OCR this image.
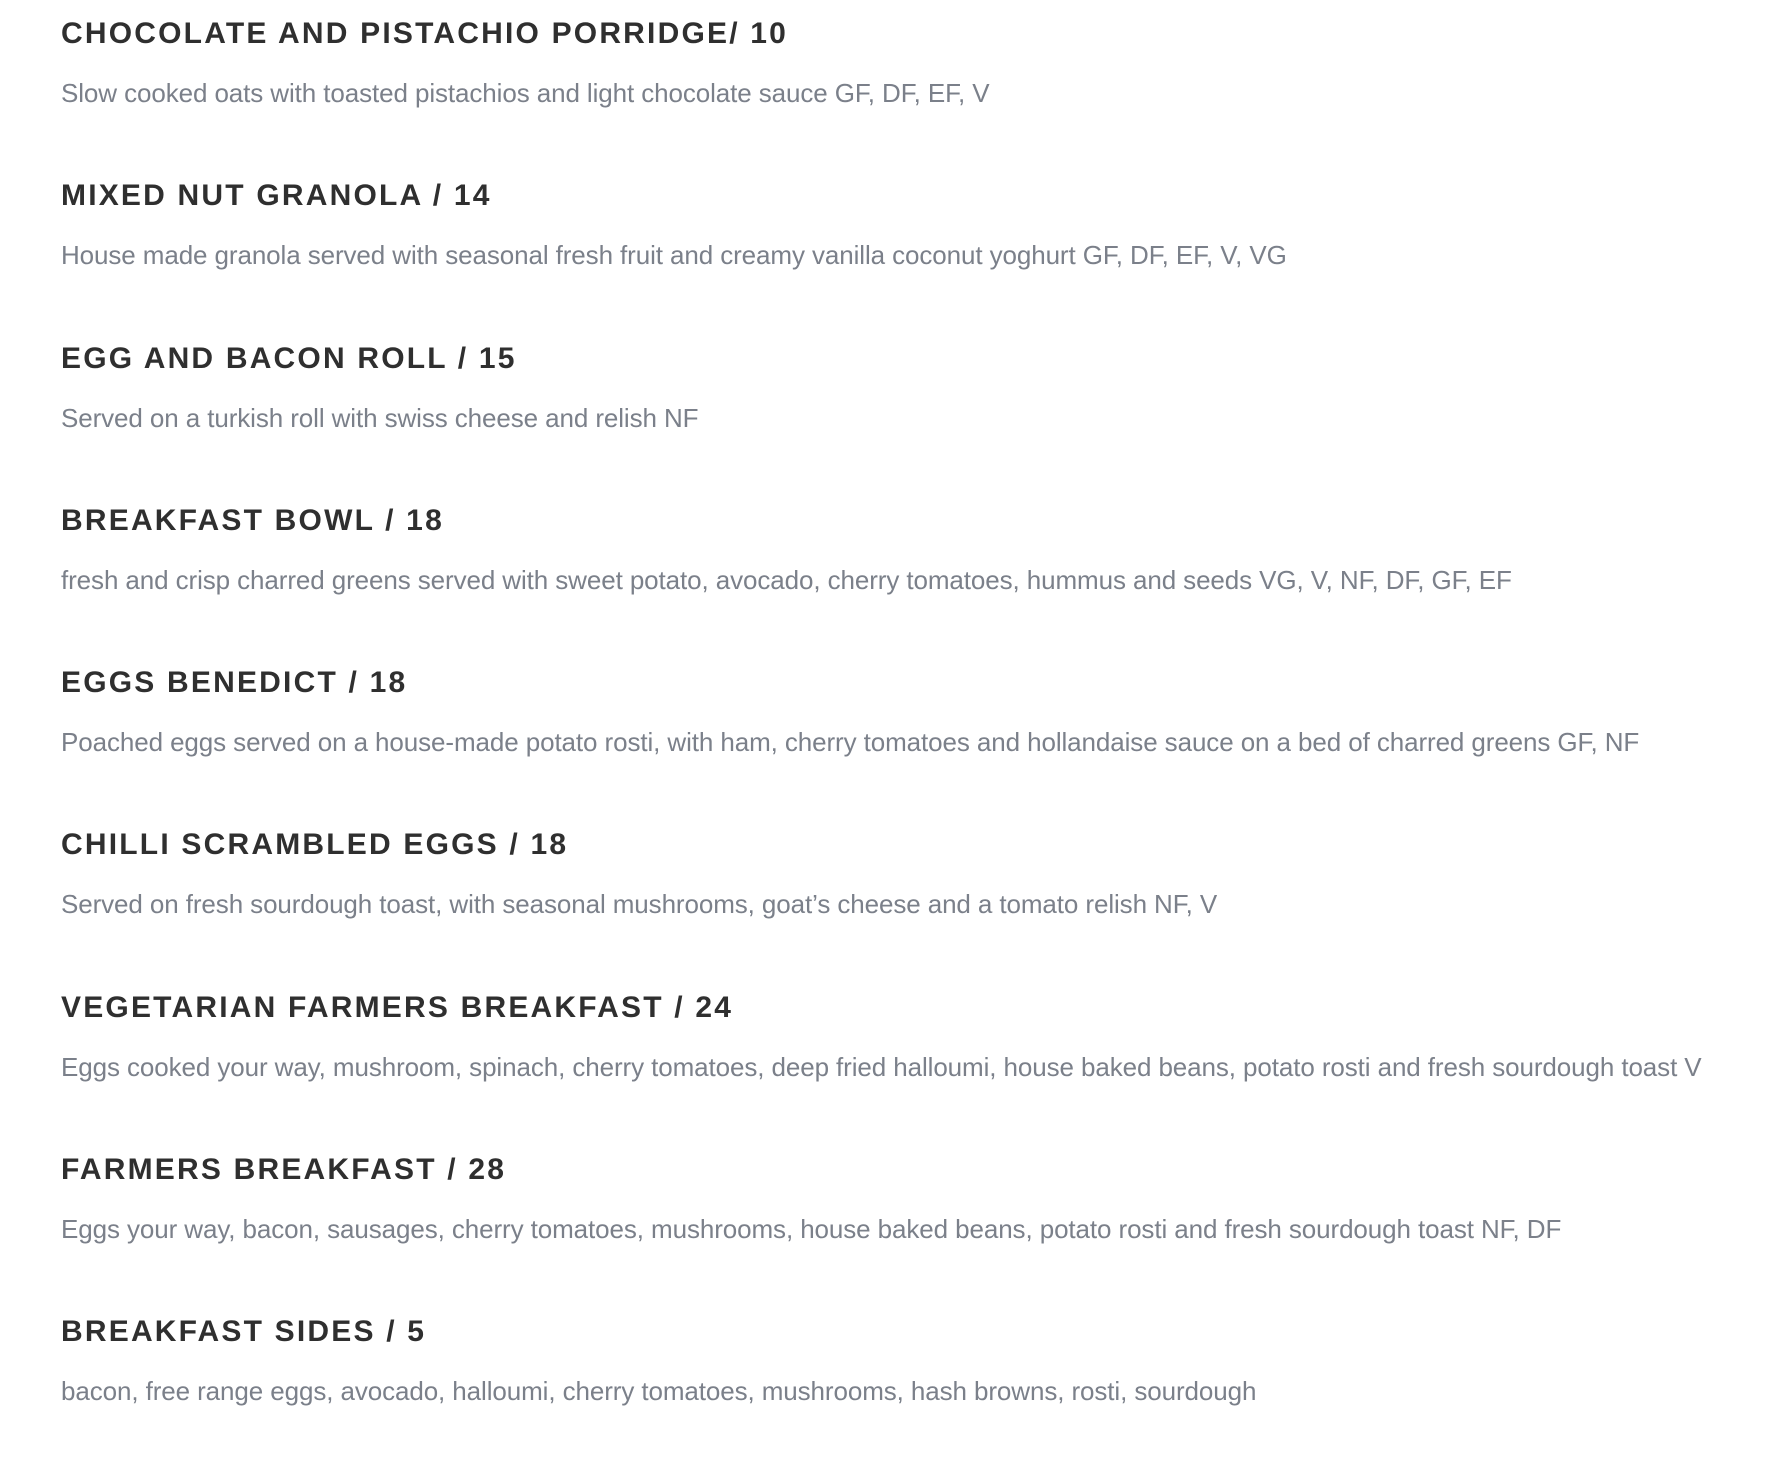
CHOCOLATE AND PISTACHIO PORRIDGE/ 10

Slow cooked oats with toasted pistachios and light chocolate sauce GF, DF, EF, V

MIXED NUT GRANOLA / 14

House made granola served with seasonal fresh fruit and creamy vanilla coconut yoghurt GF, DF, EF, V, VG

EGG AND BACON ROLL / 15

Served on a turkish roll with swiss cheese and relish NF

BREAKFAST BOWL / 18

fresh and crisp charred greens served with sweet potato, avocado, cherry tomatoes, hummus and seeds VG, V, NF, DF, GF, EF

EGGS BENEDICT / 18

Poached eggs served on a house-made potato rosti, with ham, cherry tomatoes and hollandaise sauce on a bed of charred greens GF, NF

CHILLI SCRAMBLED EGGS / 18

Served on fresh sourdough toast, with seasonal mushrooms, goat’s cheese and a tomato relish NF, V

VEGETARIAN FARMERS BREAKFAST / 24

Eggs cooked your way, mushroom, spinach, cherry tomatoes, deep fried halloumi, house baked beans, potato rosti and fresh sourdough toast V

FARMERS BREAKFAST / 28

Eggs your way, bacon, sausages, cherry tomatoes, mushrooms, house baked beans, potato rosti and fresh sourdough toast NF, DF

BREAKFAST SIDES / 5

bacon, free range eggs, avocado, halloumi, cherry tomatoes, mushrooms, hash browns, rosti, sourdough
